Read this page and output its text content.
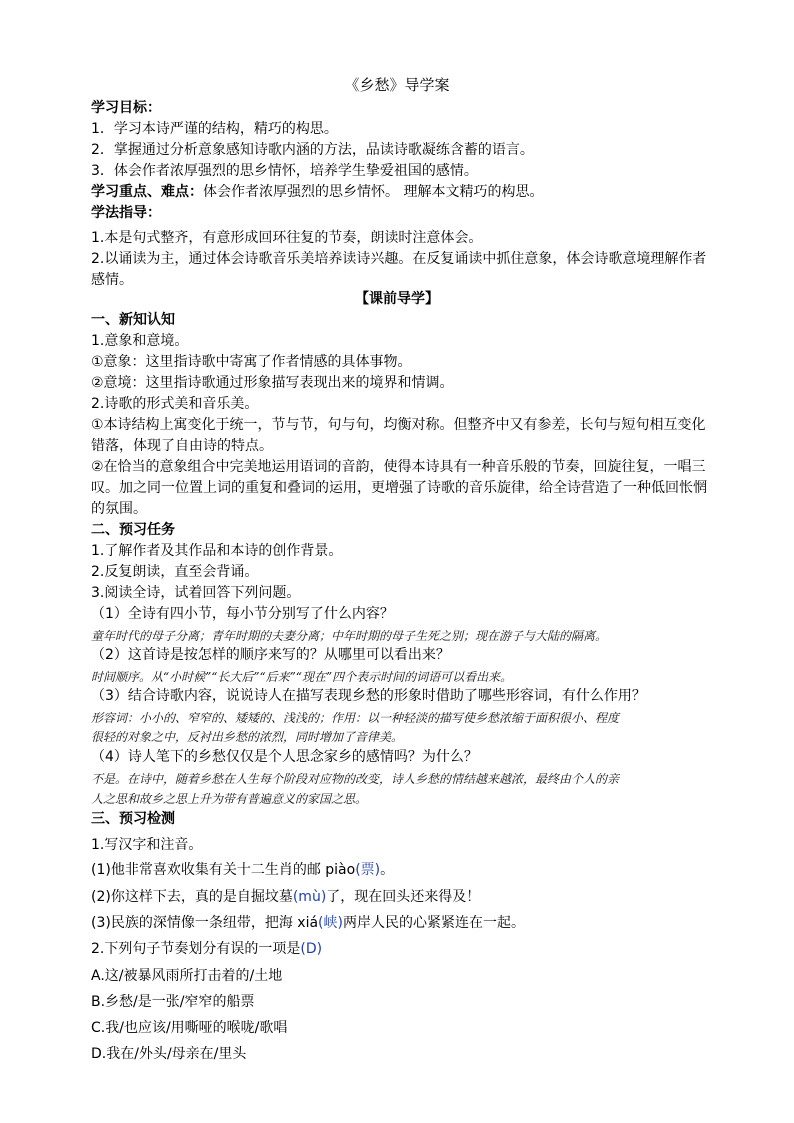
《乡愁》导学案
学习目标：
1．学习本诗严谨的结构，精巧的构思。
2．掌握通过分析意象感知诗歌内涵的方法，品读诗歌凝练含蓄的语言。
3．体会作者浓厚强烈的思乡情怀，培养学生挚爱祖国的感情。
学习重点、难点：体会作者浓厚强烈的思乡情怀。 理解本文精巧的构思。
学法指导：
1.本是句式整齐，有意形成回环往复的节奏，朗读时注意体会。
2.以诵读为主，通过体会诗歌音乐美培养读诗兴趣。在反复诵读中抓住意象，体会诗歌意境理解作者
感情。
【课前导学】
一、新知认知
1.意象和意境。
①意象：这里指诗歌中寄寓了作者情感的具体事物。
②意境：这里指诗歌通过形象描写表现出来的境界和情调。
2.诗歌的形式美和音乐美。
①本诗结构上寓变化于统一，节与节，句与句，均衡对称。但整齐中又有参差，长句与短句相互变化
错落，体现了自由诗的特点。
②在恰当的意象组合中完美地运用语词的音韵，使得本诗具有一种音乐般的节奏，回旋往复，一唱三
叹。加之同一位置上词的重复和叠词的运用，更增强了诗歌的音乐旋律，给全诗营造了一种低回怅惘
的氛围。
二、预习任务
1.了解作者及其作品和本诗的创作背景。
2.反复朗读，直至会背诵。
3.阅读全诗，试着回答下列问题。
（1）全诗有四小节，每小节分别写了什么内容？
童年时代的母子分离；青年时期的夫妻分离；中年时期的母子生死之别；现在游子与大陆的隔离。
（2）这首诗是按怎样的顺序来写的？从哪里可以看出来？
时间顺序。从“小时候”“长大后”“后来”“现在”四个表示时间的词语可以看出来。
（3）结合诗歌内容，说说诗人在描写表现乡愁的形象时借助了哪些形容词，有什么作用？
形容词：小小的、窄窄的、矮矮的、浅浅的；作用：以一种轻淡的描写使乡愁浓缩于面积很小、程度
很轻的对象之中，反衬出乡愁的浓烈，同时增加了音律美。
（4）诗人笔下的乡愁仅仅是个人思念家乡的感情吗？为什么？
不是。在诗中，随着乡愁在人生每个阶段对应物的改变，诗人乡愁的情结越来越浓，最终由个人的亲
人之思和故乡之思上升为带有普遍意义的家国之思。
三、预习检测
1.写汉字和注音。
(1)他非常喜欢收集有关十二生肖的邮 piào(票)。
(2)你这样下去，真的是自掘坟墓(mù)了，现在回头还来得及！
(3)民族的深情像一条纽带，把海 xiá(峡)两岸人民的心紧紧连在一起。
2.下列句子节奏划分有误的一项是(D)
A.这/被暴风雨所打击着的/土地
B.乡愁/是一张/窄窄的船票
C.我/也应该/用嘶哑的喉咙/歌唱
D.我在/外头/母亲在/里头
